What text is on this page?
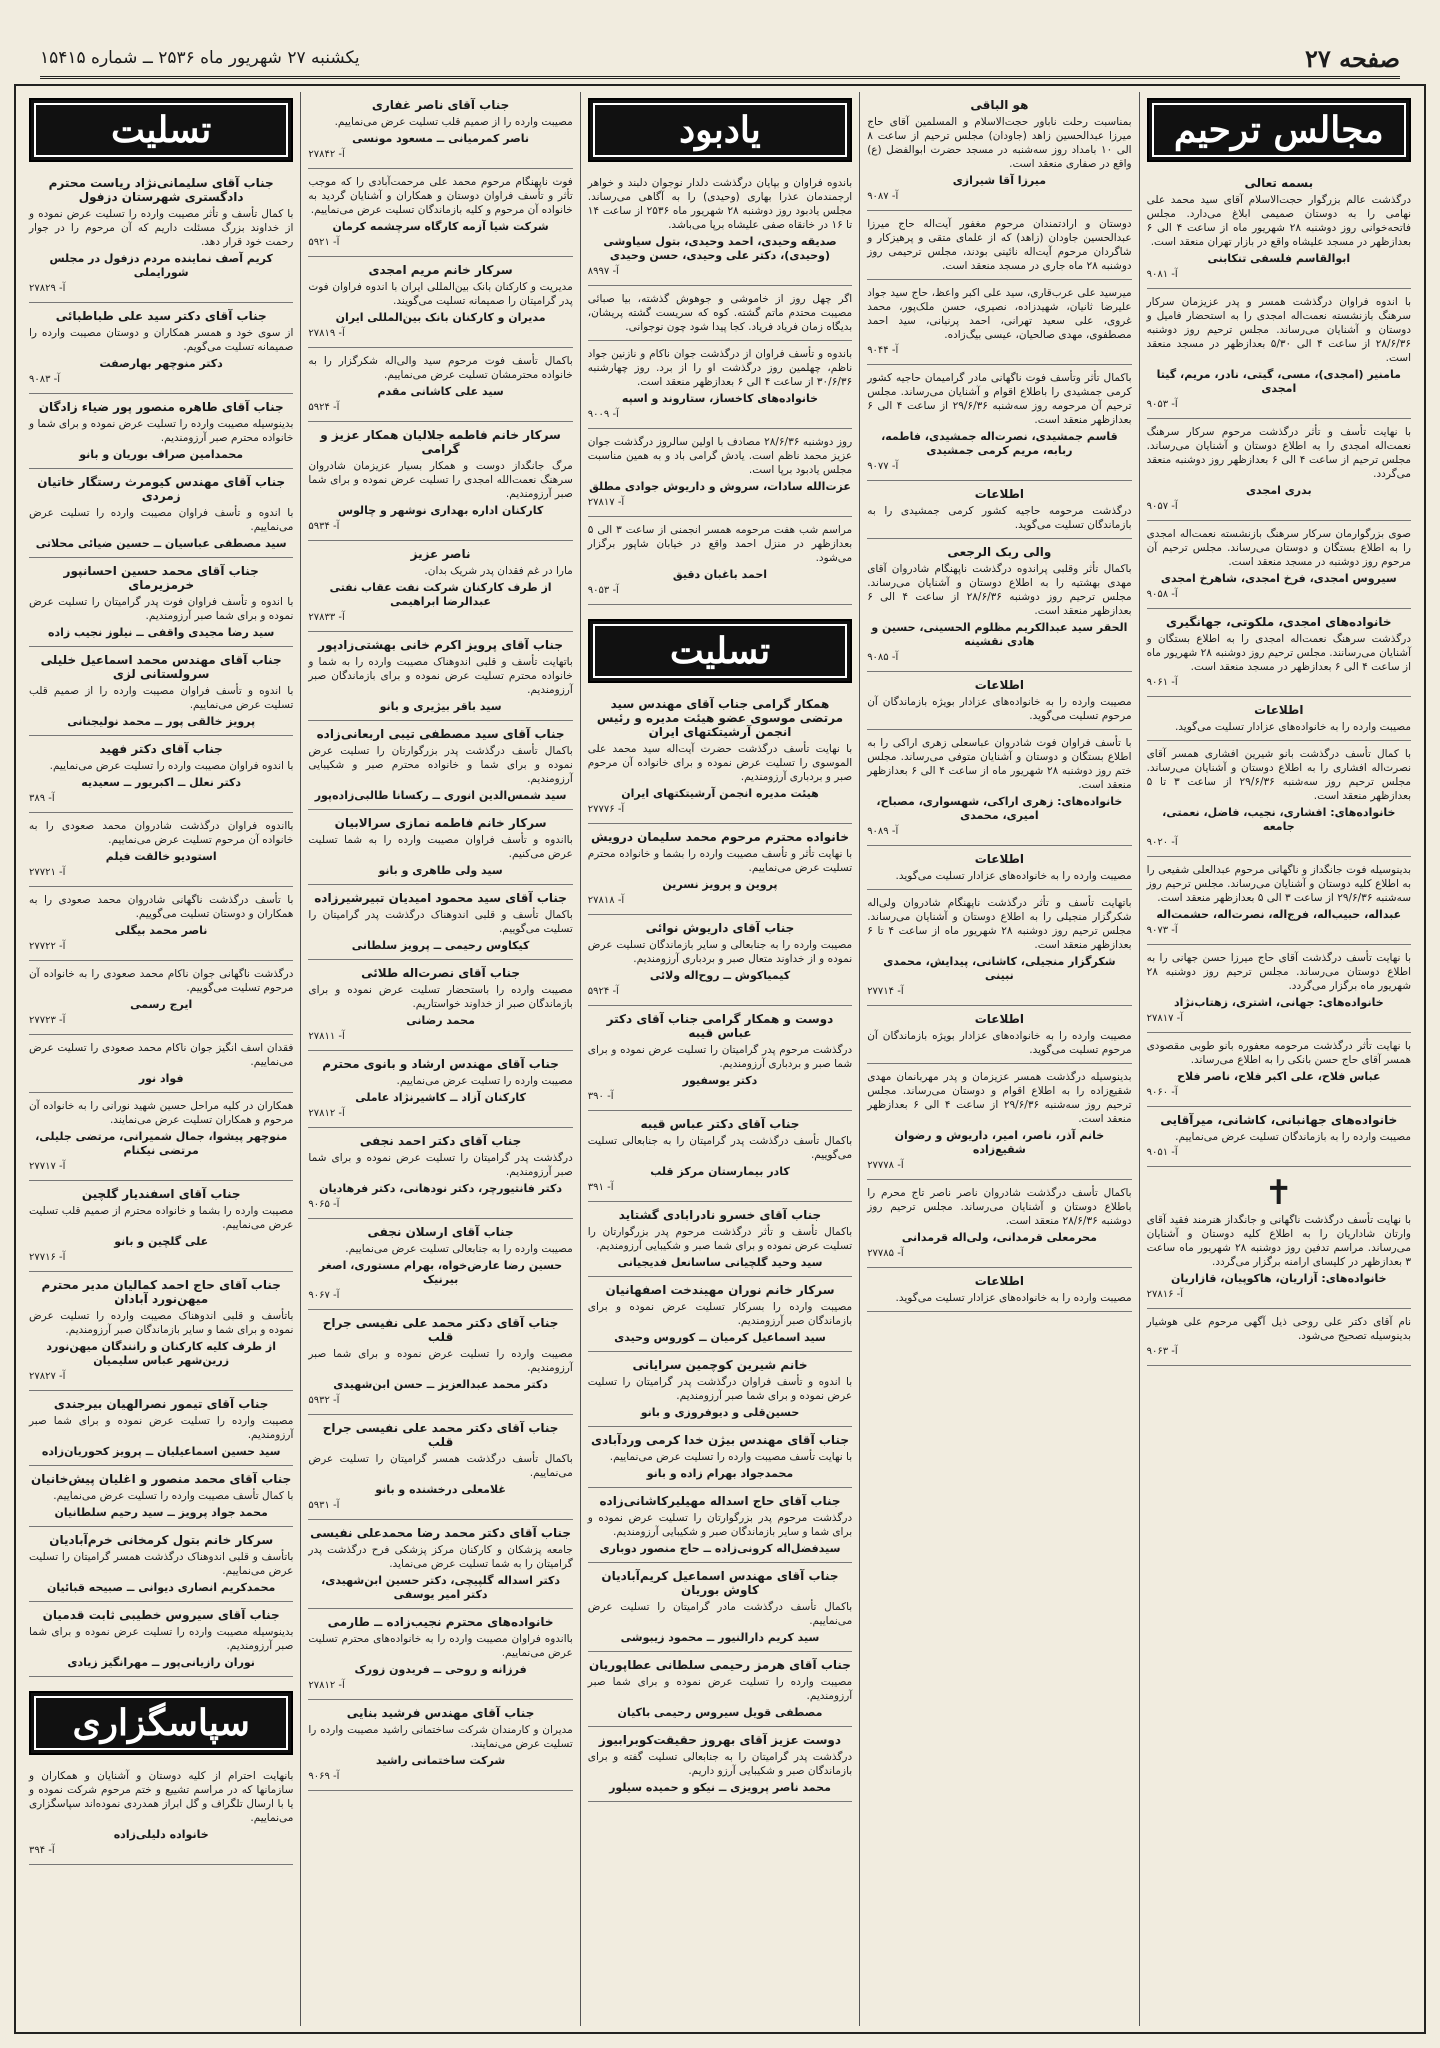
صفحه ۲۷
یکشنبه ۲۷ شهریور ماه ۲۵۳۶ ــ شماره ۱۵۴۱۵
مجالس ترحیم
بسمه تعالی
درگذشت عالم بزرگوار حجت‌الاسلام آقای سید محمد علی نهامی را به دوستان صمیمی ابلاغ می‌دارد. مجلس فاتحه‌خوانی روز دوشنبه ۲۸ شهریور ماه از ساعت ۴ الی ۶ بعدازظهر در مسجد علیشاه واقع در بازار تهران منعقد است.
ابوالقاسم فلسفی تنکابنی
آ- ۹۰۸۱
با اندوه فراوان درگذشت همسر و پدر عزیزمان سرکار سرهنگ بازنشسته نعمت‌اله امجدی را به استحضار فامیل و دوستان و آشنایان می‌رساند. مجلس ترحیم روز دوشنبه ۲۸/۶/۳۶ از ساعت ۴ الی ۵/۳۰ بعدازظهر در مسجد منعقد است.
مامنیر (امجدی)، مسی، گیتی، نادر، مریم، گیتا امجدی
آ- ۹۰۵۳
با نهایت تأسف و تأثر درگذشت مرحوم سرکار سرهنگ نعمت‌اله امجدی را به اطلاع دوستان و آشنایان می‌رساند. مجلس ترحیم از ساعت ۴ الی ۶ بعدازظهر روز دوشنبه منعقد می‌گردد.
بدری امجدی
آ- ۹۰۵۷
صوی بزرگوارمان سرکار سرهنگ بازنشسته نعمت‌اله امجدی را به اطلاع بستگان و دوستان می‌رساند. مجلس ترحیم آن مرحوم روز دوشنبه در مسجد منعقد است.
سیروس امجدی، فرخ امجدی، شاهرخ امجدی
آ- ۹۰۵۸
خانواده‌های امجدی، ملکوتی، جهانگیری
درگذشت سرهنگ نعمت‌اله امجدی را به اطلاع بستگان و آشنایان می‌رسانند. مجلس ترحیم روز دوشنبه ۲۸ شهریور ماه از ساعت ۴ الی ۶ بعدازظهر در مسجد منعقد است.
آ- ۹۰۶۱
اطلاعات
مصیبت وارده را به خانواده‌های عزادار تسلیت می‌گوید.
با کمال تأسف درگذشت بانو شیرین افشاری همسر آقای نصرت‌اله افشاری را به اطلاع دوستان و آشنایان می‌رساند. مجلس ترحیم روز سه‌شنبه ۲۹/۶/۳۶ از ساعت ۳ تا ۵ بعدازظهر منعقد است.
خانواده‌های: افشاری، نجیب، فاضل، نعمتی، جامعه
آ- ۹۰۲۰
بدینوسیله فوت جانگداز و ناگهانی مرحوم عبدالعلی شفیعی را به اطلاع کلیه دوستان و آشنایان می‌رساند. مجلس ترحیم روز سه‌شنبه ۲۹/۶/۳۶ از ساعت ۳ الی ۵ بعدازظهر منعقد است.
عبداله، حبیب‌اله، فرج‌اله، نصرت‌اله، حشمت‌اله
آ- ۹۰۷۳
با نهایت تأسف درگذشت آقای حاج میرزا حسن جهانی را به اطلاع دوستان می‌رساند. مجلس ترحیم روز دوشنبه ۲۸ شهریور ماه برگزار می‌گردد.
خانواده‌های: جهانی، اشتری، زهتاب‌نژاد
آ- ۲۷۸۱۷
با نهایت تأثر درگذشت مرحومه معفوره بانو طوبی مقصودی همسر آقای حاج حسن بانکی را به اطلاع می‌رساند.
عباس فلاح، علی اکبر فلاح، ناصر فلاح
آ- ۹۰۶۰
خانواده‌های جهانبانی، کاشانی، میرآقایی
مصیبت وارده را به بازماندگان تسلیت عرض می‌نماییم.
آ- ۹۰۵۱
✝
با نهایت تأسف درگذشت ناگهانی و جانگداز هنرمند فقید آقای وارتان شاداریان را به اطلاع کلیه دوستان و آشنایان می‌رساند. مراسم تدفین روز دوشنبه ۲۸ شهریور ماه ساعت ۳ بعدازظهر در کلیسای ارامنه برگزار می‌گردد.
خانواده‌های: آزاریان، هاکوپیان، قازاریان
آ- ۲۷۸۱۶
نام آقای دکتر علی روحی ذیل آگهی مرحوم علی هوشیار بدینوسیله تصحیح می‌شود.
آ- ۹۰۶۳
هو الباقی
بمناسبت رحلت ناباور حجت‌الاسلام و المسلمین آقای حاج میرزا عبدالحسین زاهد (جاودان) مجلس ترحیم از ساعت ۸ الی ۱۰ بامداد روز سه‌شنبه در مسجد حضرت ابوالفضل (ع) واقع در صفاری منعقد است.
میرزا آقا شیرازی
آ- ۹۰۸۷
دوستان و ارادتمندان مرحوم مغفور آیت‌اله حاج میرزا عبدالحسین جاودان (زاهد) که از علمای متقی و پرهیزکار و شاگردان مرحوم آیت‌اله نائینی بودند، مجلس ترحیمی روز دوشنبه ۲۸ ماه جاری در مسجد منعقد است.
میرسید علی عرب‌قاری، سید علی اکبر واعظ، حاج سید جواد علیرضا ثانیان، شهیدزاده، نصیری، حسن ملک‌پور، محمد غروی، علی سعید تهرانی، احمد پرنیانی، سید احمد مصطفوی، مهدی صالحیان، عیسی بیگ‌زاده.
آ- ۹۰۴۴
باکمال تأثر وتأسف فوت ناگهانی مادر گرامیمان حاجیه کشور کرمی جمشیدی را باطلاع اقوام و آشنایان می‌رساند. مجلس ترحیم آن مرحومه روز سه‌شنبه ۲۹/۶/۳۶ از ساعت ۴ الی ۶ بعدازظهر منعقد است.
قاسم جمشیدی، نصرت‌اله جمشیدی، فاطمه، ربابه، مریم کرمی جمشیدی
آ- ۹۰۷۷
اطلاعات
درگذشت مرحومه حاجیه کشور کرمی جمشیدی را به بازماندگان تسلیت می‌گوید.
والی ربک الرجعی
باکمال تأثر وقلبی پراندوه درگذشت ناپهنگام شادروان آقای مهدی بهشتیه را به اطلاع دوستان و آشنایان می‌رساند. مجلس ترحیم روز دوشنبه ۲۸/۶/۳۶ از ساعت ۴ الی ۶ بعدازظهر منعقد است.
الحقر سید عبدالکریم مظلوم الحسینی، حسین و هادی نقشینه
آ- ۹۰۸۵
اطلاعات
مصیبت وارده را به خانواده‌های عزادار بویژه بازماندگان آن مرحوم تسلیت می‌گوید.
با تأسف فراوان فوت شادروان عباسعلی زهری اراکی را به اطلاع بستگان و دوستان و آشنایان متوفی می‌رساند. مجلس ختم روز دوشنبه ۲۸ شهریور ماه از ساعت ۴ الی ۶ بعدازظهر منعقد است.
خانواده‌های: زهری اراکی، شهسواری، مصباح، امیری، محمدی
آ- ۹۰۸۹
اطلاعات
مصیبت وارده را به خانواده‌های عزادار تسلیت می‌گوید.
باتهایت تأسف و تأثر درگذشت ناپهنگام شادروان ولی‌اله شکرگزار منجیلی را به اطلاع دوستان و آشنایان می‌رساند. مجلس ترحیم روز دوشنبه ۲۸ شهریور ماه از ساعت ۴ تا ۶ بعدازظهر منعقد است.
شکرگزار منجیلی، کاشانی، پیدایش، محمدی نبینی
آ- ۲۷۷۱۴
اطلاعات
مصیبت وارده را به خانواده‌های عزادار بویژه بازماندگان آن مرحوم تسلیت می‌گوید.
بدینوسیله درگذشت همسر عزیزمان و پدر مهربانمان مهدی شقیع‌زاده را به اطلاع اقوام و دوستان می‌رساند. مجلس ترحیم روز سه‌شنبه ۲۹/۶/۳۶ از ساعت ۴ الی ۶ بعدازظهر منعقد است.
خانم آذر، ناصر، امیر، داریوش و رضوان شقیع‌زاده
آ- ۲۷۷۷۸
باکمال تأسف درگذشت شادروان ناصر ناصر تاج محرم را باطلاع دوستان و آشنایان می‌رساند. مجلس ترحیم روز دوشنبه ۲۸/۶/۳۶ منعقد است.
محرمعلی قرمدانی، ولی‌اله قرمدانی
آ- ۲۷۷۸۵
اطلاعات
مصیبت وارده را به خانواده‌های عزادار تسلیت می‌گوید.
یادبود
باندوه فراوان و بپایان درگذشت دلدار نوجوان دلبند و خواهر ارجمندمان عذرا بهاری (وحیدی) را به آگاهی می‌رساند. مجلس یادبود روز دوشنبه ۲۸ شهریور ماه ۲۵۳۶ از ساعت ۱۴ تا ۱۶ در خانقاه صفی علیشاه برپا می‌باشد.
صدیقه وحیدی، احمد وحیدی، بتول سیاوشی (وحیدی)، دکتر علی وحیدی، حسن وحیدی
آ- ۸۹۹۷
اگر چهل روز از خاموشی و جوهوش گذشته، بیا صبائی مصیبت محتدم ماتم گشته. کوه که سریست گشته پریشان، بدیگاه زمان فریاد فریاد. کجا پیدا شود چون نوجوانی.
باندوه و تأسف فراوان از درگذشت جوان ناکام و نازنین جواد ناظم، چهلمین روز درگذشت او را از برد. روز چهارشنبه ۳۰/۶/۳۶ از ساعت ۴ الی ۶ بعدازظهر منعقد است.
خانواده‌های کاخساز، ستاروند و اسپه
آ- ۹۰۰۹
روز دوشنبه ۲۸/۶/۳۶ مصادف با اولین سالروز درگذشت جوان عزیز محمد ناظم است. یادش گرامی باد و به همین مناسبت مجلس یادبود برپا است.
عزت‌الله سادات، سروش و داریوش جوادی مطلق
آ- ۲۷۸۱۷
مراسم شب هفت مرحومه همسر انجمنی از ساعت ۳ الی ۵ بعدازظهر در منزل احمد واقع در خیابان شاپور برگزار می‌شود.
احمد باغبان دقیق
آ- ۹۰۵۳
تسلیت
همکار گرامی جناب آقای مهندس سید مرتضی موسوی عضو هیئت مدیره و رئیس انجمن آرشیتکتهای ایران
با نهایت تأسف درگذشت حضرت آیت‌اله سید محمد علی الموسوی را تسلیت عرض نموده و برای خانواده آن مرحوم صبر و بردباری آرزومندیم.
هیئت مدیره انجمن آرشیتکتهای ایران
آ- ۲۷۷۷۶
خانواده محترم مرحوم محمد سلیمان درویش
با نهایت تأثر و تأسف مصیبت وارده را بشما و خانواده محترم تسلیت عرض می‌نماییم.
پروین و پرویز نسرین
آ- ۲۷۸۱۸
جناب آقای داریوش نوائی
مصیبت وارده را به جنابعالی و سایر بازماندگان تسلیت عرض نموده و از خداوند متعال صبر و بردباری آرزومندیم.
کیمیاکوش ــ روح‌اله ولائی
آ- ۵۹۲۴
دوست و همکار گرامی جناب آقای دکتر عباس قیبه
درگذشت مرحوم پدر گرامیتان را تسلیت عرض نموده و برای شما صبر و بردباری آرزومندیم.
دکتر یوسفیور
آ- ۳۹۰
جناب آقای دکتر عباس قیبه
باکمال تأسف درگذشت پدر گرامیتان را به جنابعالی تسلیت می‌گوییم.
کادر بیمارستان مرکز قلب
آ- ۳۹۱
جناب آقای خسرو نادرابادی گشتاید
باکمال تأسف و تأثر درگذشت مرحوم پدر بزرگوارتان را تسلیت عرض نموده و برای شما صبر و شکیبایی آرزومندیم.
سید وحید گلچیانی ساسانعل فدیجیانی
سرکار خانم نوران مهیندخت اصفهانیان
مصیبت وارده را بسرکار تسلیت عرض نموده و برای بازماندگان صبر آرزومندیم.
سید اسماعیل کرمیان ــ کوروس وحیدی
خانم شیرین کوچمین سرایانی
با اندوه و تأسف فراوان درگذشت پدر گرامیتان را تسلیت عرض نموده و برای شما صبر آرزومندیم.
حسین‌قلی و دیوفروزی و بانو
جناب آقای مهندس بیژن خدا کرمی وردآبادی
با نهایت تأسف مصیبت وارده را تسلیت عرض می‌نماییم.
محمدجواد بهرام زاده و بانو
جناب آقای حاج اسداله مهیلیرکاشانی‌زاده
درگذشت مرحوم پدر بزرگوارتان را تسلیت عرض نموده و برای شما و سایر بازماندگان صبر و شکیبایی آرزومندیم.
سیدفضل‌اله کرونی‌زاده ــ حاج منصور دوباری
جناب آقای مهندس اسماعیل کریم‌آبادیان کاوش بوریان
باکمال تأسف درگذشت مادر گرامیتان را تسلیت عرض می‌نماییم.
سید کریم دارالنیور ــ محمود زیبوشی
جناب آقای هرمز رحیمی سلطانی عطاپوریان
مصیبت وارده را تسلیت عرض نموده و برای شما صبر آرزومندیم.
مصطفی قویل سیروس رحیمی باکیان
دوست عزیز آقای بهروز حقیقت‌کوبرابیوز
درگذشت پدر گرامیتان را به جنابعالی تسلیت گفته و برای بازماندگان صبر و شکیبایی آرزو داریم.
محمد ناصر پرویزی ــ نیکو و حمیده سیلور
جناب آقای ناصر غفاری
مصیبت وارده را از صمیم قلب تسلیت عرض می‌نماییم.
ناصر کمرمیانی ــ مسعود مونسی
آ- ۲۷۸۴۲
فوت ناپهنگام مرحوم محمد علی مرحمت‌آبادی را که موجب تأثر و تأسف فراوان دوستان و همکاران و آشنایان گردید به خانواده آن مرحوم و کلیه بازماندگان تسلیت عرض می‌نماییم.
شرکت شیا آزمه کارگاه سرچشمه کرمان
آ- ۵۹۲۱
سرکار خانم مریم امجدی
مدیریت و کارکنان بانک بین‌المللی ایران با اندوه فراوان فوت پدر گرامیتان را صمیمانه تسلیت می‌گویند.
مدیران و کارکنان بانک بین‌المللی ایران
آ- ۲۷۸۱۹
باکمال تأسف فوت مرحوم سید والی‌اله شکرگزار را به خانواده محترمشان تسلیت عرض می‌نماییم.
سید علی کاشانی مقدم
آ- ۵۹۲۴
سرکار خانم فاطمه جلالیان همکار عزیز و گرامی
مرگ جانگداز دوست و همکار بسیار عزیزمان شادروان سرهنگ نعمت‌الله امجدی را تسلیت عرض نموده و برای شما صبر آرزومندیم.
کارکنان اداره بهداری نوشهر و چالوس
آ- ۵۹۳۴
ناصر عزیز
مارا در غم فقدان پدر شریک بدان.
از طرف کارکنان شرکت نفت عقاب نفتی عبدالرضا ابراهیمی
آ- ۲۷۸۳۳
جناب آقای پرویز اکرم خانی بهشتی‌زادپور
باتهایت تأسف و قلبی اندوهناک مصیبت وارده را به شما و خانواده محترم تسلیت عرض نموده و برای بازماندگان صبر آرزومندیم.
سید باقر بیژیری و بانو
جناب آقای سید مصطفی تیبی اربعانی‌زاده
باکمال تأسف درگذشت پدر بزرگوارتان را تسلیت عرض نموده و برای شما و خانواده محترم صبر و شکیبایی آرزومندیم.
سید شمس‌الدین انوری ــ رکسانا طالبی‌زاده‌پور
سرکار خانم فاطمه نمازی سرالابیان
بااندوه و تأسف فراوان مصیبت وارده را به شما تسلیت عرض می‌کنیم.
سید ولی طاهری و بانو
جناب آقای سید محمود امیدیان تبیرشیرزاده
باکمال تأسف و قلبی اندوهناک درگذشت پدر گرامیتان را تسلیت می‌گوییم.
کیکاوس رحیمی ــ پرویز سلطانی
جناب آقای نصرت‌اله طلائی
مصیبت وارده را باستحضار تسلیت عرض نموده و برای بازماندگان صبر از خداوند خواستاریم.
محمد رضانی
آ- ۲۷۸۱۱
جناب آقای مهندس ارشاد و بانوی محترم
مصیبت وارده را تسلیت عرض می‌نماییم.
کارکنان آزاد ــ کاشیرنژاد عاملی
آ- ۲۷۸۱۲
جناب آقای دکتر احمد نجفی
درگذشت پدر گرامیتان را تسلیت عرض نموده و برای شما صبر آرزومندیم.
دکتر فانتیورچر، دکتر نودهانی، دکتر فرهادیان
آ- ۹۰۶۵
جناب آقای ارسلان نجفی
مصیبت وارده را به جنابعالی تسلیت عرض می‌نماییم.
حسین رضا عارض‌خواه، بهرام مستوری، اصغر بیرنیک
آ- ۹۰۶۷
جناب آقای دکتر محمد علی نفیسی جراح قلب
مصیبت وارده را تسلیت عرض نموده و برای شما صبر آرزومندیم.
دکتر محمد عبدالعزیز ــ حسن ابن‌شهیدی
آ- ۵۹۳۲
جناب آقای دکتر محمد علی نفیسی جراح قلب
باکمال تأسف درگذشت همسر گرامیتان را تسلیت عرض می‌نماییم.
غلامعلی درخشنده و بانو
آ- ۵۹۳۱
جناب آقای دکتر محمد رضا محمدعلی نفیسی
جامعه پزشکان و کارکنان مرکز پزشکی فرح درگذشت پدر گرامیتان را به شما تسلیت عرض می‌نماید.
دکتر اسداله گلپیچی، دکتر حسین ابن‌شهیدی، دکتر امیر یوسفی
خانواده‌های محترم نجیب‌زاده ــ طارمی
بااندوه فراوان مصیبت وارده را به خانواده‌های محترم تسلیت عرض می‌نماییم.
فرزانه و روحی ــ فریدون زورک
آ- ۲۷۸۱۲
جناب آقای مهندس فرشید بنایی
مدیران و کارمندان شرکت ساختمانی راشید مصیبت وارده را تسلیت عرض می‌نمایند.
شرکت ساختمانی راشید
آ- ۹۰۶۹
تسلیت
جناب آقای سلیمانی‌نژاد ریاست محترم دادگستری شهرستان دزفول
با کمال تأسف و تأثر مصیبت وارده را تسلیت عرض نموده و از خداوند بزرگ مسئلت داریم که آن مرحوم را در جوار رحمت خود قرار دهد.
کریم آصف نماینده مردم دزفول در مجلس شورایملی
آ- ۲۷۸۲۹
جناب آقای دکتر سید علی طباطبائی
از سوی خود و همسر همکاران و دوستان مصیبت وارده را صمیمانه تسلیت می‌گویم.
دکتر منوچهر بهارصفت
آ- ۹۰۸۳
جناب آقای طاهره منصور پور ضیاء زادگان
بدینوسیله مصیبت وارده را تسلیت عرض نموده و برای شما و خانواده محترم صبر آرزومندیم.
محمدامین صراف بوریان و بانو
جناب آقای مهندس کیومرث رستگار خاتیان زمردی
با اندوه و تأسف فراوان مصیبت وارده را تسلیت عرض می‌نماییم.
سید مصطفی عباسیان ــ حسین ضیائی محلاتی
جناب آقای محمد حسین احسانپور خرمزیرمای
با اندوه و تأسف فراوان فوت پدر گرامیتان را تسلیت عرض نموده و برای شما صبر آرزومندیم.
سید رضا مجیدی واقفی ــ نیلوز نجیب زاده
جناب آقای مهندس محمد اسماعیل خلیلی سرولستانی لزی
با اندوه و تأسف فراوان مصیبت وارده را از صمیم قلب تسلیت عرض می‌نماییم.
پرویز خالقی پور ــ محمد نولیجنانی
جناب آقای دکتر فهید
با اندوه فراوان مصیبت وارده را تسلیت عرض می‌نماییم.
دکتر نعلل ــ اکبریور ــ سعیدیه
آ- ۳۸۹
بااندوه فراوان درگذشت شادروان محمد صعودی را به خانواده آن مرحوم تسلیت عرض می‌نماییم.
استودیو خالقت فیلم
آ- ۲۷۷۲۱
با تأسف درگذشت ناگهانی شادروان محمد صعودی را به همکاران و دوستان تسلیت می‌گوییم.
ناصر محمد بیگلی
آ- ۲۷۷۲۲
درگذشت ناگهانی جوان ناکام محمد صعودی را به خانواده آن مرحوم تسلیت می‌گوییم.
ایرج رسمی
آ- ۲۷۷۲۳
فقدان اسف انگیز جوان ناکام محمد صعودی را تسلیت عرض می‌نماییم.
فواد نور
همکاران در کلیه مراحل حسین شهید نورانی را به خانواده آن مرحوم و همکاران تسلیت عرض می‌نمایند.
منوچهر پیشوا، جمال شمیرانی، مرتضی جلیلی، مرتضی نیکنام
آ- ۲۷۷۱۷
جناب آقای اسفندیار گلچین
مصیبت وارده را بشما و خانواده محترم از صمیم قلب تسلیت عرض می‌نماییم.
علی گلچین و بانو
آ- ۲۷۷۱۶
جناب آقای حاج احمد کمالیان مدیر محترم میهن‌نورد آبادان
باتأسف و قلبی اندوهناک مصیبت وارده را تسلیت عرض نموده و برای شما و سایر بازماندگان صبر آرزومندیم.
از طرف کلیه کارکنان و رانندگان میهن‌نورد زرین‌شهر عباس سلیمیان
آ- ۲۷۸۲۷
جناب آقای تیمور نصرالهیان بیرجندی
مصیبت وارده را تسلیت عرض نموده و برای شما صبر آرزومندیم.
سید حسین اسماعیلیان ــ پرویز کحوریان‌زاده
جناب آقای محمد منصور و اغلیان پیش‌خانیان
با کمال تأسف مصیبت وارده را تسلیت عرض می‌نماییم.
محمد جواد پرویز ــ سید رحیم سلطانیان
سرکار خانم بتول کرمخانی خرم‌آبادیان
باتأسف و قلبی اندوهناک درگذشت همسر گرامیتان را تسلیت عرض می‌نماییم.
محمدکریم انصاری دیوانی ــ صبیحه قبائیان
جناب آقای سیروس خطیبی ثابت قدمیان
بدینوسیله مصیبت وارده را تسلیت عرض نموده و برای شما صبر آرزومندیم.
نوران رازیانی‌پور ــ مهرانگیز زیادی
سپاسگزاری
بانهایت احترام از کلیه دوستان و آشنایان و همکاران و سازمانها که در مراسم تشییع و ختم مرحوم شرکت نموده و یا با ارسال تلگراف و گل ابراز همدردی نموده‌اند سپاسگزاری می‌نماییم.
خانواده دلیلی‌زاده
آ- ۳۹۴
